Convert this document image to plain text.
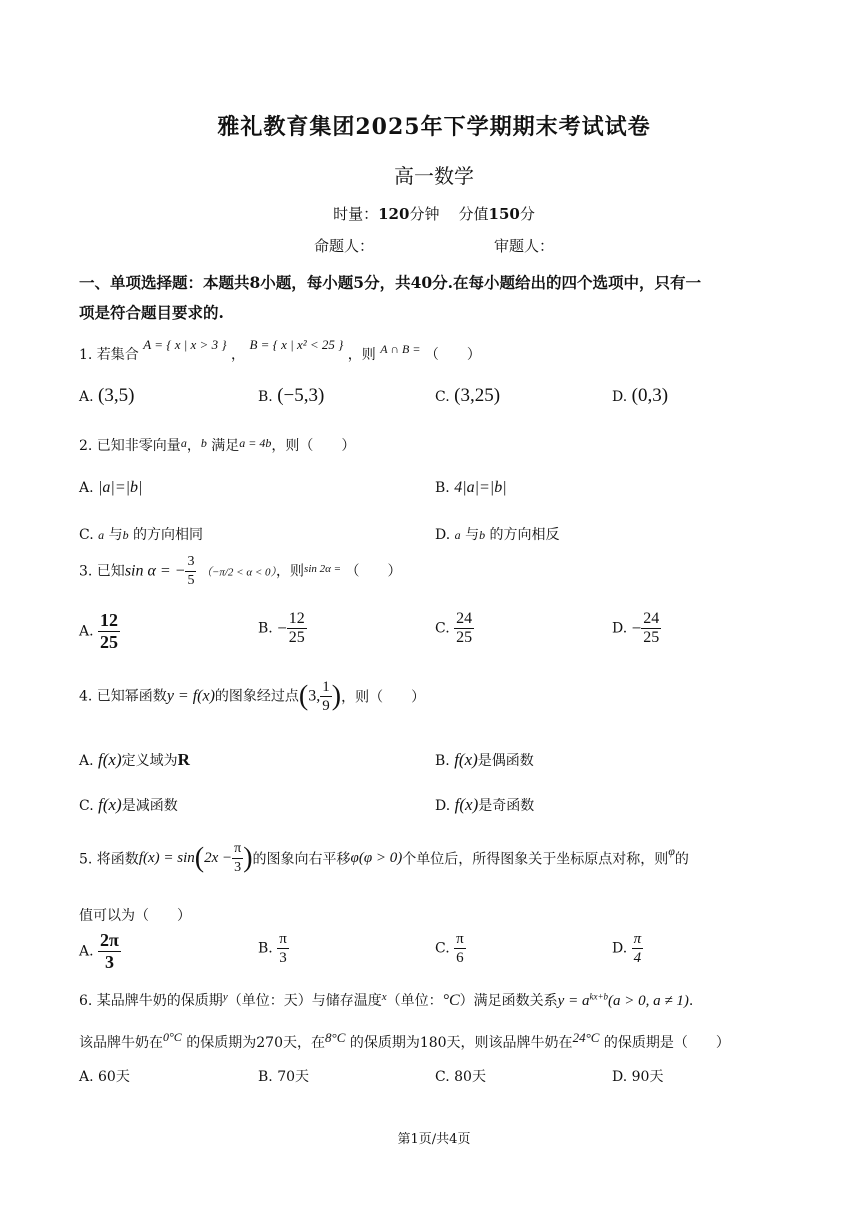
雅礼教育集团2025年下学期期末考试试卷
高一数学
时量：120分钟 分值150分
命题人：	审题人：
一、单项选择题：本题共8小题，每小题5分，共40分.在每小题给出的四个选项中，只有一
项是符合题目要求的.
1. 若集合 A = { x | x > 3 } ， B = { x | x² < 25 } ，则 A ∩ B = （　　）
A. (3,5)	B. (−5,3)	C. (3,25)	D. (0,3)
2. 已知非零向量a，b 满足a = 4b，则（　　）
A. |a|=|b|	B. 4|a|=|b|
C. a 与b 的方向相同	D. a 与b 的方向相反
3. 已知sin α = − $\frac{3}{5} (-\pi/2 < \alpha < 0)$，则$^{sin 2\alpha =}$ （　　）
A. $\frac{12}{25}$	B. − $\frac{12}{25}$	C. $\frac{24}{25}$	D. − $\frac{24}{25}$
4. 已知幂函数y = f(x)的图象经过点(3, $\frac{1}{9}$ )，则（　　）
A. f(x)定义域为R	B. f(x)是偶函数
C. f(x)是减函数	D. f(x)是奇函数
5. 将函数$f(x) = \sin(2x - \frac{\pi}{3}$ )的图象向右平移φ(φ > 0)个单位后，所得图象关于坐标原点对称，则φ的
值可以为（　　）
A. $\frac{2\pi}{3}$	B. $\frac{\pi}{3}$	C. $\frac{\pi}{6}$	D. $\frac{\pi}{4}$
6. 某品牌牛奶的保质期$^y$（单位：天）与储存温度$^x$（单位：°C）满足函数关系$y = a^{kx+b}(a > 0$, a ≠ 1).
该品牌牛奶在0°C 的保质期为270天，在8°C 的保质期为180天，则该品牌牛奶在24°C 的保质期是（　　）
A. 60天	B. 70天	C. 80天	D. 90天
第1页/共4页
